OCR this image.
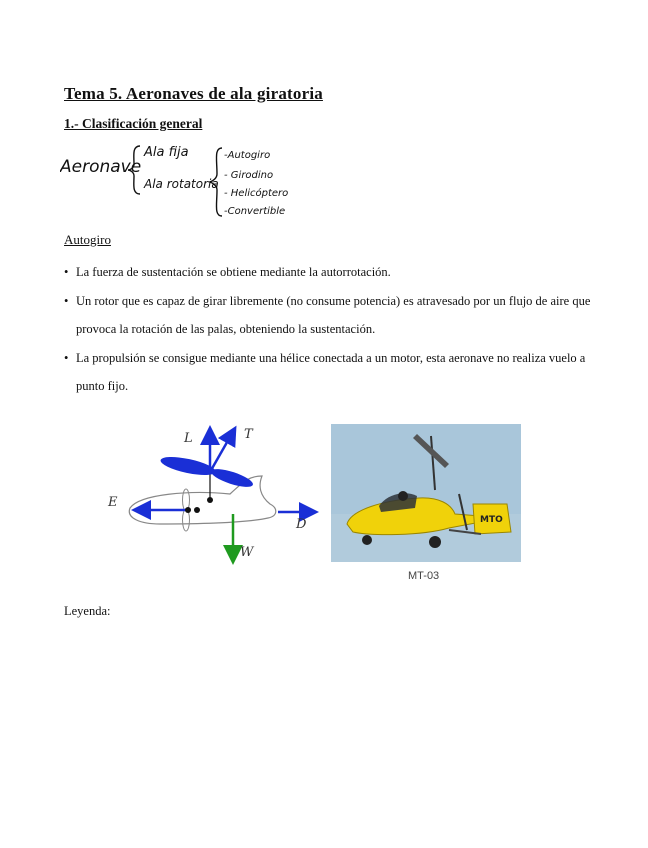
Tema 5. Aeronaves de ala giratoria
1.- Clasificación general
Aeronave
Ala fija
Ala rotatoria
-Autogiro
- Girodino
- Helicóptero
-Convertible
Autogiro
• La fuerza de sustentación se obtiene mediante la autorrotación.
• Un rotor que es capaz de girar libremente (no consume potencia) es atravesado por un flujo de aire que provoca la rotación de las palas, obteniendo la sustentación.
• La propulsión se consigue mediante una hélice conectada a un motor, esta aeronave no realiza vuelo a punto fijo.
L	T
E
D
W
MTO
MT-03
Leyenda:
